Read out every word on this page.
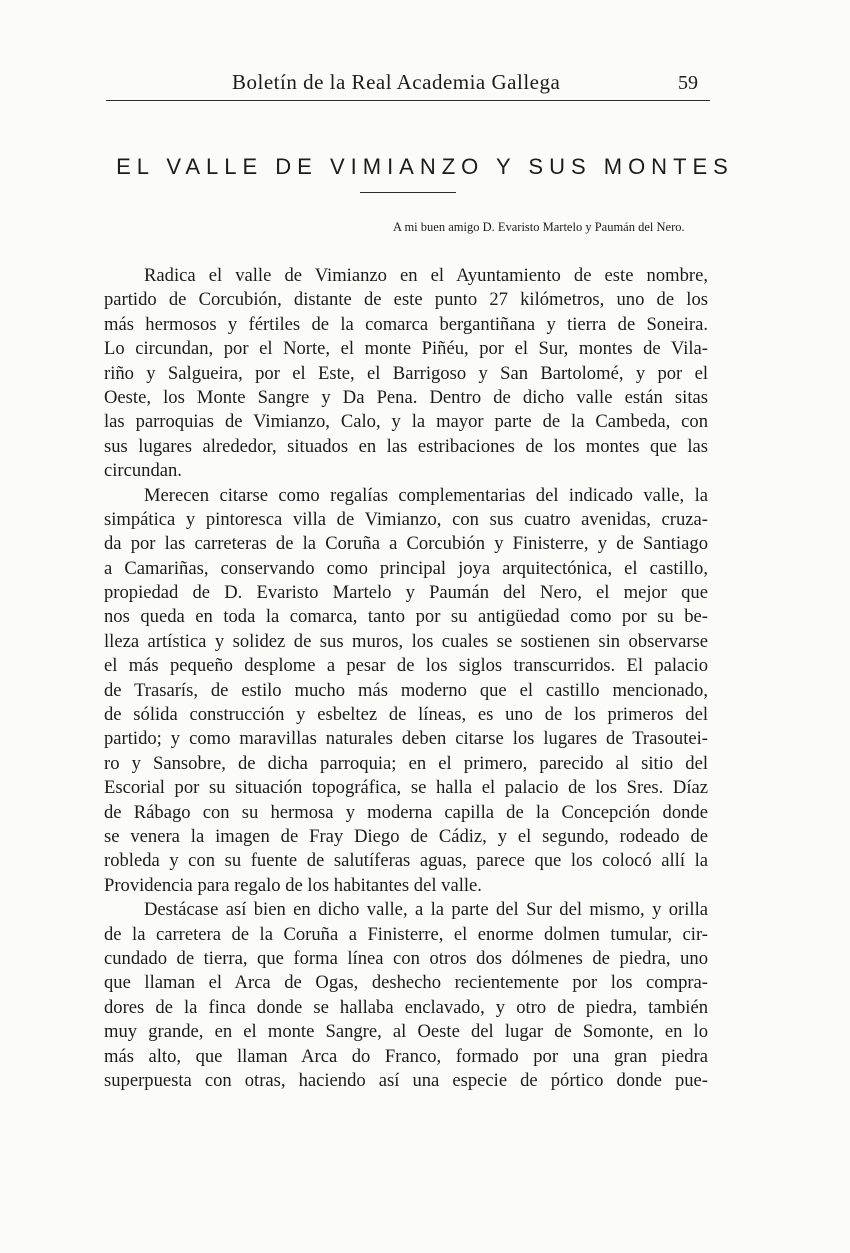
Boletín de la Real Academia Gallega	59
EL VALLE DE VIMIANZO Y SUS MONTES
A mi buen amigo D. Evaristo Martelo y Paumán del Nero.
Radica el valle de Vimianzo en el Ayuntamiento de este nombre,
partido de Corcubión, distante de este punto 27 kilómetros, uno de los
más hermosos y fértiles de la comarca bergantiñana y tierra de Soneira.
Lo circundan, por el Norte, el monte Piñéu, por el Sur, montes de Vila-
riño y Salgueira, por el Este, el Barrigoso y San Bartolomé, y por el
Oeste, los Monte Sangre y Da Pena. Dentro de dicho valle están sitas
las parroquias de Vimianzo, Calo, y la mayor parte de la Cambeda, con
sus lugares alrededor, situados en las estribaciones de los montes que las
circundan.
Merecen citarse como regalías complementarias del indicado valle, la
simpática y pintoresca villa de Vimianzo, con sus cuatro avenidas, cruza-
da por las carreteras de la Coruña a Corcubión y Finisterre, y de Santiago
a Camariñas, conservando como principal joya arquitectónica, el castillo,
propiedad de D. Evaristo Martelo y Paumán del Nero, el mejor que
nos queda en toda la comarca, tanto por su antigüedad como por su be-
lleza artística y solidez de sus muros, los cuales se sostienen sin observarse
el más pequeño desplome a pesar de los siglos transcurridos. El palacio
de Trasarís, de estilo mucho más moderno que el castillo mencionado,
de sólida construcción y esbeltez de líneas, es uno de los primeros del
partido; y como maravillas naturales deben citarse los lugares de Trasoutei-
ro y Sansobre, de dicha parroquia; en el primero, parecido al sitio del
Escorial por su situación topográfica, se halla el palacio de los Sres. Díaz
de Rábago con su hermosa y moderna capilla de la Concepción donde
se venera la imagen de Fray Diego de Cádiz, y el segundo, rodeado de
robleda y con su fuente de salutíferas aguas, parece que los colocó allí la
Providencia para regalo de los habitantes del valle.
Destácase así bien en dicho valle, a la parte del Sur del mismo, y orilla
de la carretera de la Coruña a Finisterre, el enorme dolmen tumular, cir-
cundado de tierra, que forma línea con otros dos dólmenes de piedra, uno
que llaman el Arca de Ogas, deshecho recientemente por los compra-
dores de la finca donde se hallaba enclavado, y otro de piedra, también
muy grande, en el monte Sangre, al Oeste del lugar de Somonte, en lo
más alto, que llaman Arca do Franco, formado por una gran piedra
superpuesta con otras, haciendo así una especie de pórtico donde pue-
